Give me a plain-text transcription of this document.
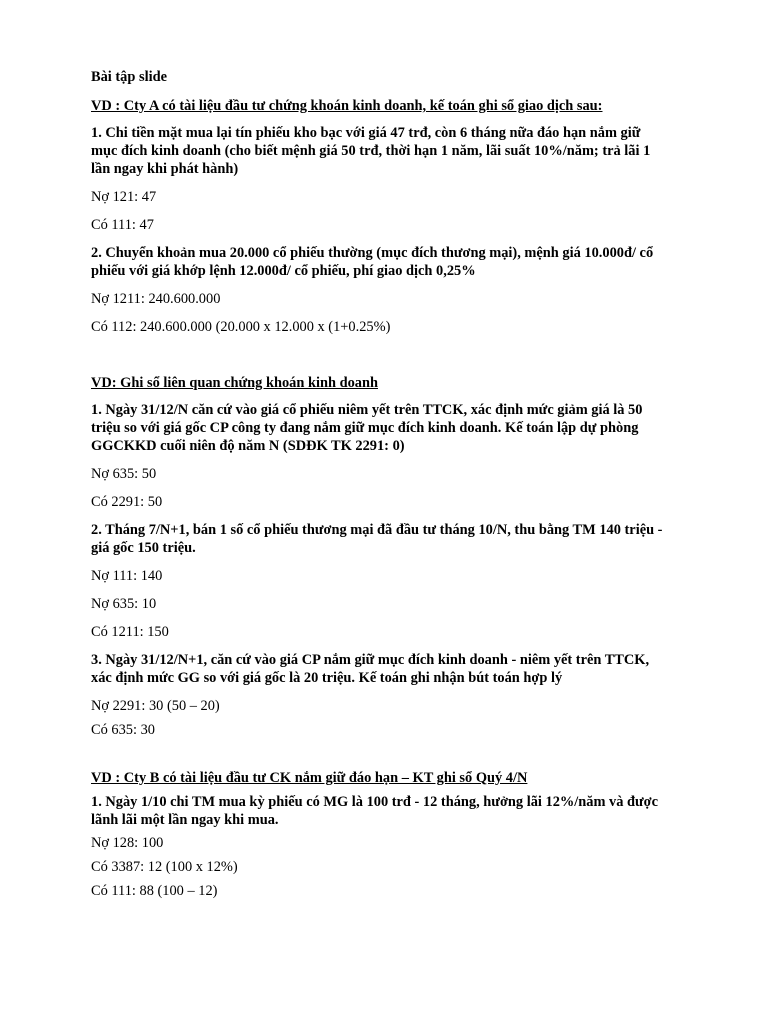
Bài tập slide
VD : Cty A có tài liệu đầu tư chứng khoán kinh doanh, kế toán ghi sổ giao dịch sau:
1. Chi tiền mặt mua lại tín phiếu kho bạc với giá 47 trđ, còn 6 tháng nữa đáo hạn nắm giữ
mục đích kinh doanh (cho biết mệnh giá 50 trđ, thời hạn 1 năm, lãi suất 10%/năm; trả lãi 1
lần ngay khi phát hành)
Nợ 121: 47
Có 111: 47
2. Chuyển khoản mua 20.000 cổ phiếu thường (mục đích thương mại), mệnh giá 10.000đ/ cổ
phiếu với giá khớp lệnh 12.000đ/ cổ phiếu, phí giao dịch 0,25%
Nợ 1211: 240.600.000
Có 112: 240.600.000 (20.000 x 12.000 x (1+0.25%)
VD: Ghi sổ liên quan chứng khoán kinh doanh
1. Ngày 31/12/N căn cứ vào giá cổ phiếu niêm yết trên TTCK, xác định mức giảm giá là 50
triệu so với giá gốc CP công ty đang nắm giữ mục đích kinh doanh. Kế toán lập dự phòng
GGCKKD cuối niên độ năm N (SDĐK TK 2291: 0)
Nợ 635: 50
Có 2291: 50
2. Tháng 7/N+1, bán 1 số cổ phiếu thương mại đã đầu tư tháng 10/N, thu bằng TM 140 triệu -
giá gốc 150 triệu.
Nợ 111: 140
Nợ 635: 10
Có 1211: 150
3. Ngày 31/12/N+1, căn cứ vào giá CP nắm giữ mục đích kinh doanh - niêm yết trên TTCK,
xác định mức GG so với giá gốc là 20 triệu. Kế toán ghi nhận bút toán hợp lý
Nợ 2291: 30 (50 – 20)
Có 635: 30
VD : Cty B có tài liệu đầu tư CK nắm giữ đáo hạn – KT ghi sổ Quý 4/N
1. Ngày 1/10 chi TM mua kỳ phiếu có MG là 100 trđ - 12 tháng, hưởng lãi 12%/năm và được
lãnh lãi một lần ngay khi mua.
Nợ 128: 100
Có 3387: 12 (100 x 12%)
Có 111: 88 (100 – 12)
